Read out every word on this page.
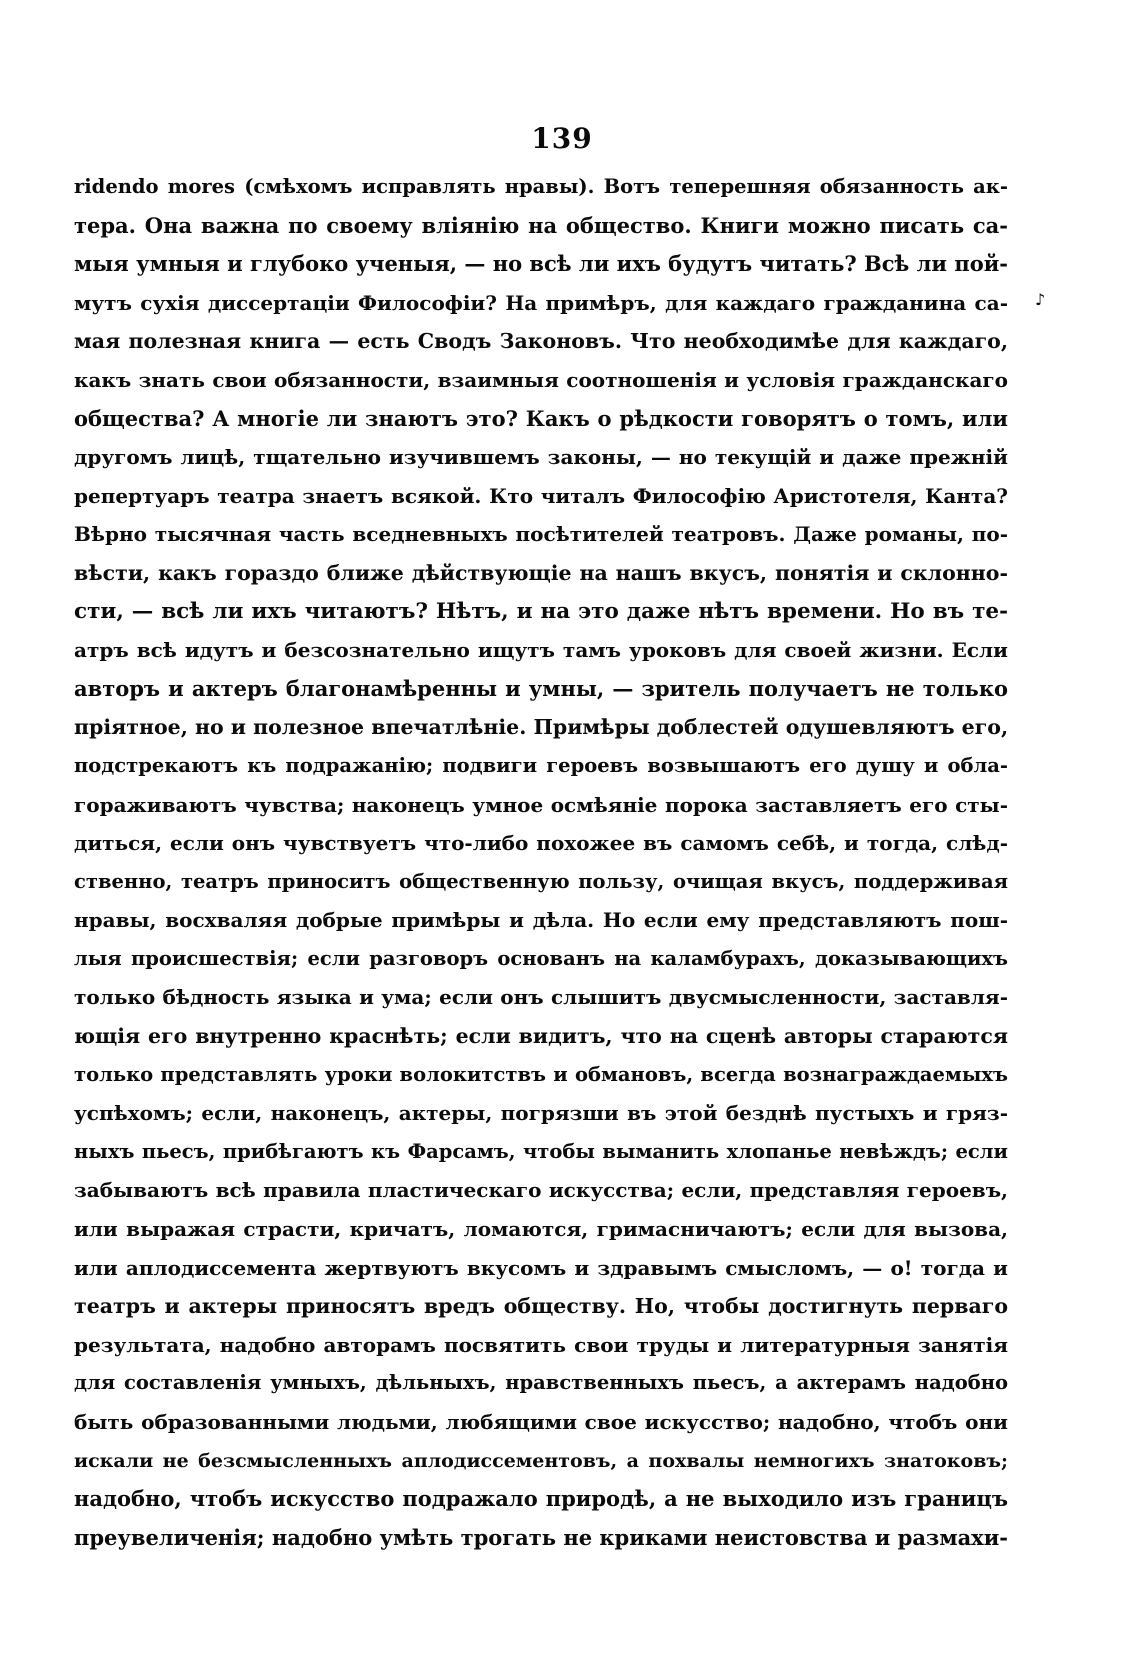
139
♪
ridendo mores (смѣхомъ исправлять нравы). Вотъ теперешняя обязанность ак-
тера. Она важна по своему вліянію на общество. Книги можно писать са-
мыя умныя и глубоко ученыя, — но всѣ ли ихъ будутъ читать? Всѣ ли пой-
мутъ сухія диссертаціи Философіи? На примѣръ, для каждаго гражданина са-
мая полезная книга — есть Сводъ Законовъ. Что необходимѣе для каждаго,
какъ знать свои обязанности, взаимныя соотношенія и условія гражданскаго
общества? А многіе ли знаютъ это? Какъ о рѣдкости говорятъ о томъ, или
другомъ лицѣ, тщательно изучившемъ законы, — но текущій и даже прежній
репертуаръ театра знаетъ всякой. Кто читалъ Философію Аристотеля, Канта?
Вѣрно тысячная часть вседневныхъ посѣтителей театровъ. Даже романы, по-
вѣсти, какъ гораздо ближе дѣйствующіе на нашъ вкусъ, понятія и склонно-
сти, — всѣ ли ихъ читаютъ? Нѣтъ, и на это даже нѣтъ времени. Но въ те-
атръ всѣ идутъ и безсознательно ищутъ тамъ уроковъ для своей жизни. Если
авторъ и актеръ благонамѣренны и умны, — зритель получаетъ не только
пріятное, но и полезное впечатлѣніе. Примѣры доблестей одушевляютъ его,
подстрекаютъ къ подражанію; подвиги героевъ возвышаютъ его душу и обла-
гораживаютъ чувства; наконецъ умное осмѣяніе порока заставляетъ его сты-
диться, если онъ чувствуетъ что-либо похожее въ самомъ себѣ, и тогда, слѣд-
ственно, театръ приноситъ общественную пользу, очищая вкусъ, поддерживая
нравы, восхваляя добрые примѣры и дѣла. Но если ему представляютъ пош-
лыя происшествія; если разговоръ основанъ на каламбурахъ, доказывающихъ
только бѣдность языка и ума; если онъ слышитъ двусмысленности, заставля-
ющія его внутренно краснѣть; если видитъ, что на сценѣ авторы стараются
только представлять уроки волокитствъ и обмановъ, всегда вознаграждаемыхъ
успѣхомъ; если, наконецъ, актеры, погрязши въ этой безднѣ пустыхъ и гряз-
ныхъ пьесъ, прибѣгаютъ къ Фарсамъ, чтобы выманить хлопанье невѣждъ; если
забываютъ всѣ правила пластическаго искусства; если, представляя героевъ,
или выражая страсти, кричатъ, ломаются, гримасничаютъ; если для вызова,
или аплодиссемента жертвуютъ вкусомъ и здравымъ смысломъ, — о! тогда и
театръ и актеры приносятъ вредъ обществу. Но, чтобы достигнуть перваго
результата, надобно авторамъ посвятить свои труды и литературныя занятія
для составленія умныхъ, дѣльныхъ, нравственныхъ пьесъ, а актерамъ надобно
быть образованными людьми, любящими свое искусство; надобно, чтобъ они
искали не безсмысленныхъ аплодиссементовъ, а похвалы немногихъ знатоковъ;
надобно, чтобъ искусство подражало природѣ, а не выходило изъ границъ
преувеличенія; надобно умѣть трогать не криками неистовства и размахи-
